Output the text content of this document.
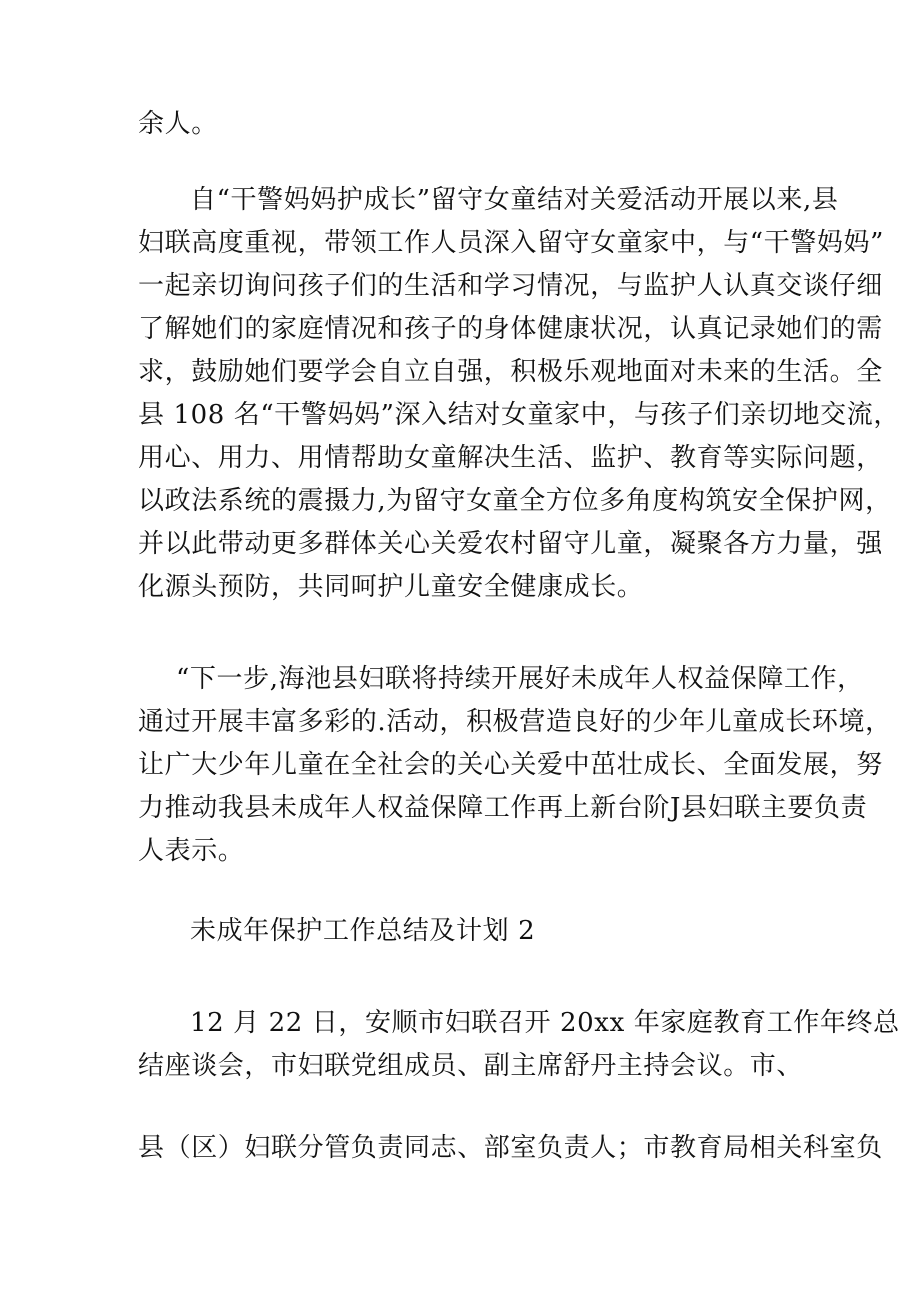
余人。
自“干警妈妈护成长”留守女童结对关爱活动开展以来,县
妇联高度重视，带领工作人员深入留守女童家中，与“干警妈妈”
一起亲切询问孩子们的生活和学习情况，与监护人认真交谈仔细
了解她们的家庭情况和孩子的身体健康状况，认真记录她们的需
求，鼓励她们要学会自立自强，积极乐观地面对未来的生活。全
县 108 名“干警妈妈”深入结对女童家中，与孩子们亲切地交流，
用心、用力、用情帮助女童解决生活、监护、教育等实际问题，
以政法系统的震摄力,为留守女童全方位多角度构筑安全保护网，
并以此带动更多群体关心关爱农村留守儿童，凝聚各方力量，强
化源头预防，共同呵护儿童安全健康成长。
“下一步,海池县妇联将持续开展好未成年人权益保障工作，
通过开展丰富多彩的.活动，积极营造良好的少年儿童成长环境，
让广大少年儿童在全社会的关心关爱中茁壮成长、全面发展，努
力推动我县未成年人权益保障工作再上新台阶J县妇联主要负责
人表示。
未成年保护工作总结及计划 2
12 月 22 日，安顺市妇联召开 20xx 年家庭教育工作年终总
结座谈会，市妇联党组成员、副主席舒丹主持会议。市、
县（区）妇联分管负责同志、部室负责人；市教育局相关科室负
